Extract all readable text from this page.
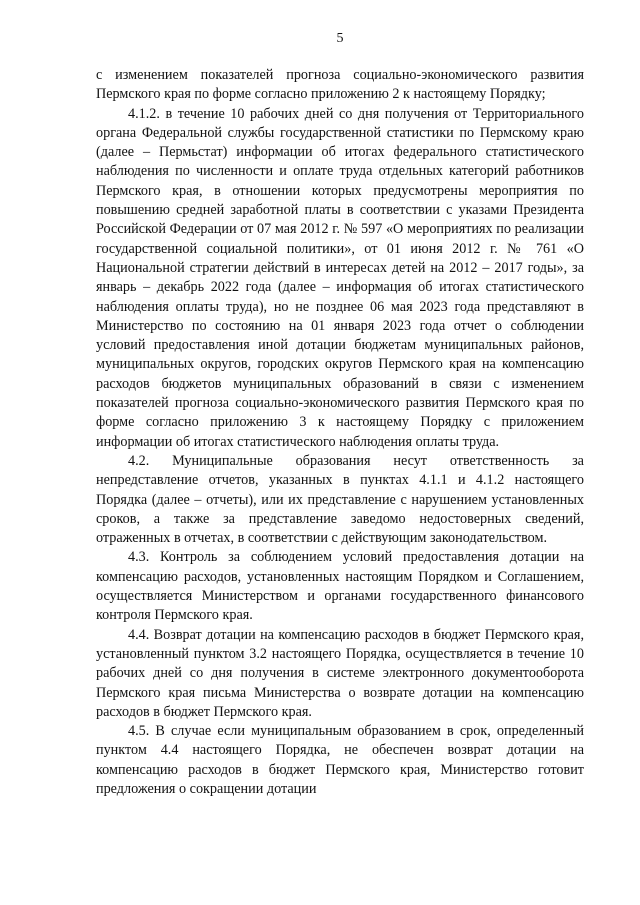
5

с изменением показателей прогноза социально-экономического развития Пермского края по форме согласно приложению 2 к настоящему Порядку;

4.1.2. в течение 10 рабочих дней со дня получения от Территориального органа Федеральной службы государственной статистики по Пермскому краю (далее – Пермьстат) информации об итогах федерального статистического наблюдения по численности и оплате труда отдельных категорий работников Пермского края, в отношении которых предусмотрены мероприятия по повышению средней заработной платы в соответствии с указами Президента Российской Федерации от 07 мая 2012 г. № 597 «О мероприятиях по реализации государственной социальной политики», от 01 июня 2012 г. № 761 «О Национальной стратегии действий в интересах детей на 2012 – 2017 годы», за январь – декабрь 2022 года (далее – информация об итогах статистического наблюдения оплаты труда), но не позднее 06 мая 2023 года представляют в Министерство по состоянию на 01 января 2023 года отчет о соблюдении условий предоставления иной дотации бюджетам муниципальных районов, муниципальных округов, городских округов Пермского края на компенсацию расходов бюджетов муниципальных образований в связи с изменением показателей прогноза социально-экономического развития Пермского края по форме согласно приложению 3 к настоящему Порядку с приложением информации об итогах статистического наблюдения оплаты труда.

4.2. Муниципальные образования несут ответственность за непредставление отчетов, указанных в пунктах 4.1.1 и 4.1.2 настоящего Порядка (далее – отчеты), или их представление с нарушением установленных сроков, а также за представление заведомо недостоверных сведений, отраженных в отчетах, в соответствии с действующим законодательством.

4.3. Контроль за соблюдением условий предоставления дотации на компенсацию расходов, установленных настоящим Порядком и Соглашением, осуществляется Министерством и органами государственного финансового контроля Пермского края.

4.4. Возврат дотации на компенсацию расходов в бюджет Пермского края, установленный пунктом 3.2 настоящего Порядка, осуществляется в течение 10 рабочих дней со дня получения в системе электронного документооборота Пермского края письма Министерства о возврате дотации на компенсацию расходов в бюджет Пермского края.

4.5. В случае если муниципальным образованием в срок, определенный пунктом 4.4 настоящего Порядка, не обеспечен возврат дотации на компенсацию расходов в бюджет Пермского края, Министерство готовит предложения о сокращении дотации
